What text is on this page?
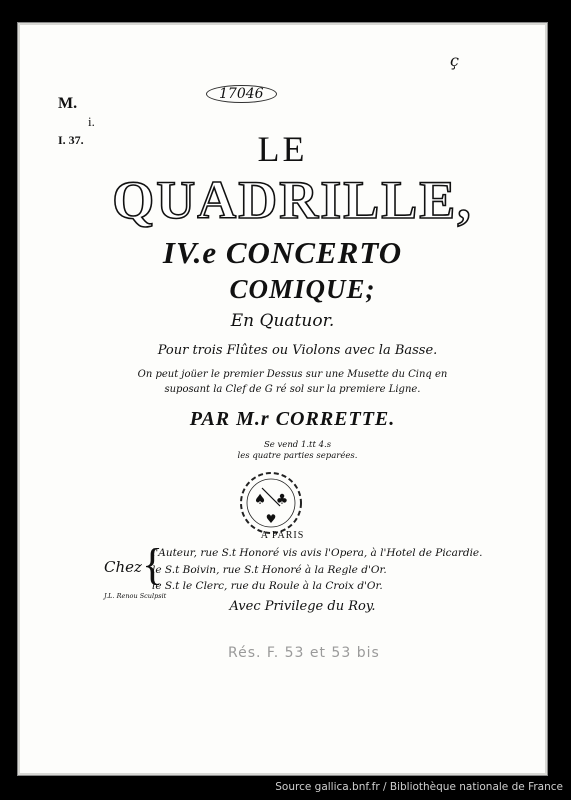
ç
M.
i.
I. 37.
17046
LE
QUADRILLE,
IV.e CONCERTO
COMIQUE;
En Quatuor.
Pour trois Flûtes ou Violons avec la Basse.
On peut joüer le premier Dessus sur une Musette du Cinq en
suposant la Clef de G ré sol sur la premiere Ligne.
PAR M.r CORRETTE.
Se vend 1.tt 4.s
les quatre parties separées.
♠ ♣
♥
A PARIS
Chez {
l'Auteur, rue S.t Honoré vis avis l'Opera, à l'Hotel de Picardie.
le S.t Boivin, rue S.t Honoré à la Regle d'Or.
le S.t le Clerc, rue du Roule à la Croix d'Or.
J.L. Renou Sculpsit
Avec Privilege du Roy.
Rés. F. 53 et 53 bis
Source gallica.bnf.fr / Bibliothèque nationale de France
